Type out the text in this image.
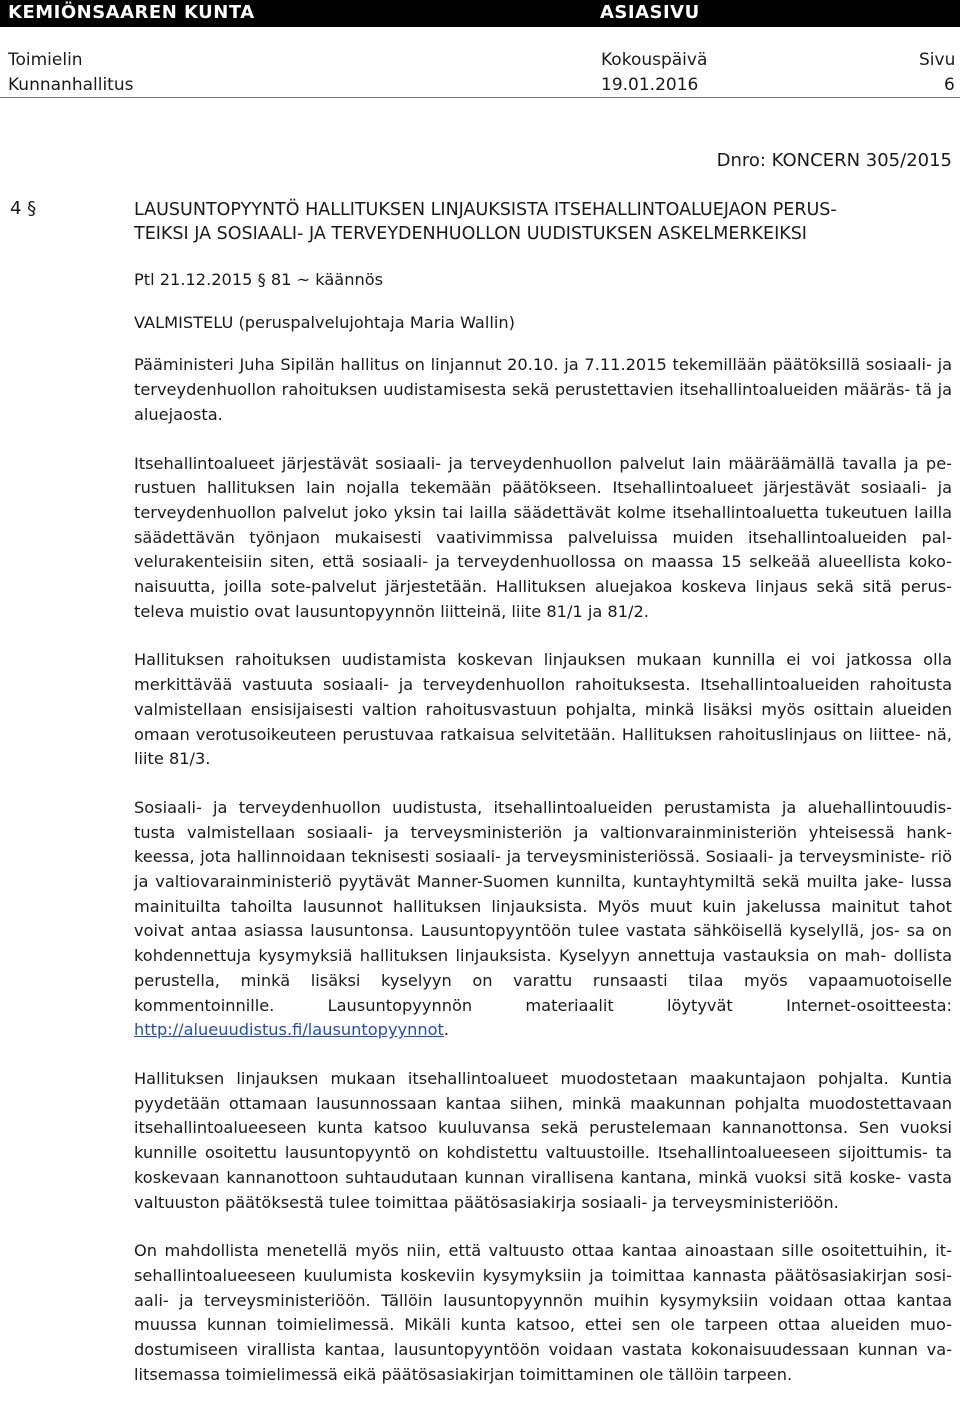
KEMIÖNSAAREN KUNTA	ASIASIVU
Toimielin	Kokouspäivä	Sivu
Kunnanhallitus	19.01.2016	6
Dnro: KONCERN 305/2015
4 §	LAUSUNTOPYYNTÖ HALLITUKSEN LINJAUKSISTA ITSEHALLINTOALUEJAON PERUS-
TEIKSI JA SOSIAALI- JA TERVEYDENHUOLLON UUDISTUKSEN ASKELMERKEIKSI

Ptl 21.12.2015 § 81 ~ käännös

VALMISTELU (peruspalvelujohtaja Maria Wallin)

Pääministeri Juha Sipilän hallitus on linjannut 20.10. ja 7.11.2015 tekemillään päätöksillä sosiaali- ja terveydenhuollon rahoituksen uudistamisesta sekä perustettavien itsehallintoalueiden määräs- tä ja aluejaosta.

Itsehallintoalueet järjestävät sosiaali- ja terveydenhuollon palvelut lain määräämällä tavalla ja pe- rustuen hallituksen lain nojalla tekemään päätökseen. Itsehallintoalueet järjestävät sosiaali- ja terveydenhuollon palvelut joko yksin tai lailla säädettävät kolme itsehallintoaluetta tukeutuen lailla säädettävän työnjaon mukaisesti vaativimmissa palveluissa muiden itsehallintoalueiden pal- velurakenteisiin siten, että sosiaali- ja terveydenhuollossa on maassa 15 selkeää alueellista koko- naisuutta, joilla sote-palvelut järjestetään. Hallituksen aluejakoa koskeva linjaus sekä sitä perus- televa muistio ovat lausuntopyynnön liitteinä, liite 81/1 ja 81/2.

Hallituksen rahoituksen uudistamista koskevan linjauksen mukaan kunnilla ei voi jatkossa olla merkittävää vastuuta sosiaali- ja terveydenhuollon rahoituksesta. Itsehallintoalueiden rahoitusta valmistellaan ensisijaisesti valtion rahoitusvastuun pohjalta, minkä lisäksi myös osittain alueiden omaan verotusoikeuteen perustuvaa ratkaisua selvitetään. Hallituksen rahoituslinjaus on liittee- nä, liite 81/3.

Sosiaali- ja terveydenhuollon uudistusta, itsehallintoalueiden perustamista ja aluehallintouudis- tusta valmistellaan sosiaali- ja terveysministeriön ja valtionvarainministeriön yhteisessä hank- keessa, jota hallinnoidaan teknisesti sosiaali- ja terveysministeriössä. Sosiaali- ja terveysministe- riö ja valtiovarainministeriö pyytävät Manner-Suomen kunnilta, kuntayhtymiltä sekä muilta jake- lussa mainituilta tahoilta lausunnot hallituksen linjauksista. Myös muut kuin jakelussa mainitut tahot voivat antaa asiassa lausuntonsa. Lausuntopyyntöön tulee vastata sähköisellä kyselyllä, jos- sa on kohdennettuja kysymyksiä hallituksen linjauksista. Kyselyyn annettuja vastauksia on mah- dollista perustella, minkä lisäksi kyselyyn on varattu runsaasti tilaa myös vapaamuotoiselle kommentoinnille. Lausuntopyynnön materiaalit löytyvät Internet-osoitteesta: http://alueuudistus.fi/lausuntopyynnot.

Hallituksen linjauksen mukaan itsehallintoalueet muodostetaan maakuntajaon pohjalta. Kuntia pyydetään ottamaan lausunnossaan kantaa siihen, minkä maakunnan pohjalta muodostettavaan itsehallintoalueeseen kunta katsoo kuuluvansa sekä perustelemaan kannanottonsa. Sen vuoksi kunnille osoitettu lausuntopyyntö on kohdistettu valtuustoille. Itsehallintoalueeseen sijoittumis- ta koskevaan kannanottoon suhtaudutaan kunnan virallisena kantana, minkä vuoksi sitä koske- vasta valtuuston päätöksestä tulee toimittaa päätösasiakirja sosiaali- ja terveysministeriöön.

On mahdollista menetellä myös niin, että valtuusto ottaa kantaa ainoastaan sille osoitettuihin, it- sehallintoalueeseen kuulumista koskeviin kysymyksiin ja toimittaa kannasta päätösasiakirjan sosi- aali- ja terveysministeriöön. Tällöin lausuntopyynnön muihin kysymyksiin voidaan ottaa kantaa muussa kunnan toimielimessä. Mikäli kunta katsoo, ettei sen ole tarpeen ottaa alueiden muo- dostumiseen virallista kantaa, lausuntopyyntöön voidaan vastata kokonaisuudessaan kunnan va- litsemassa toimielimessä eikä päätösasiakirjan toimittaminen ole tällöin tarpeen.
